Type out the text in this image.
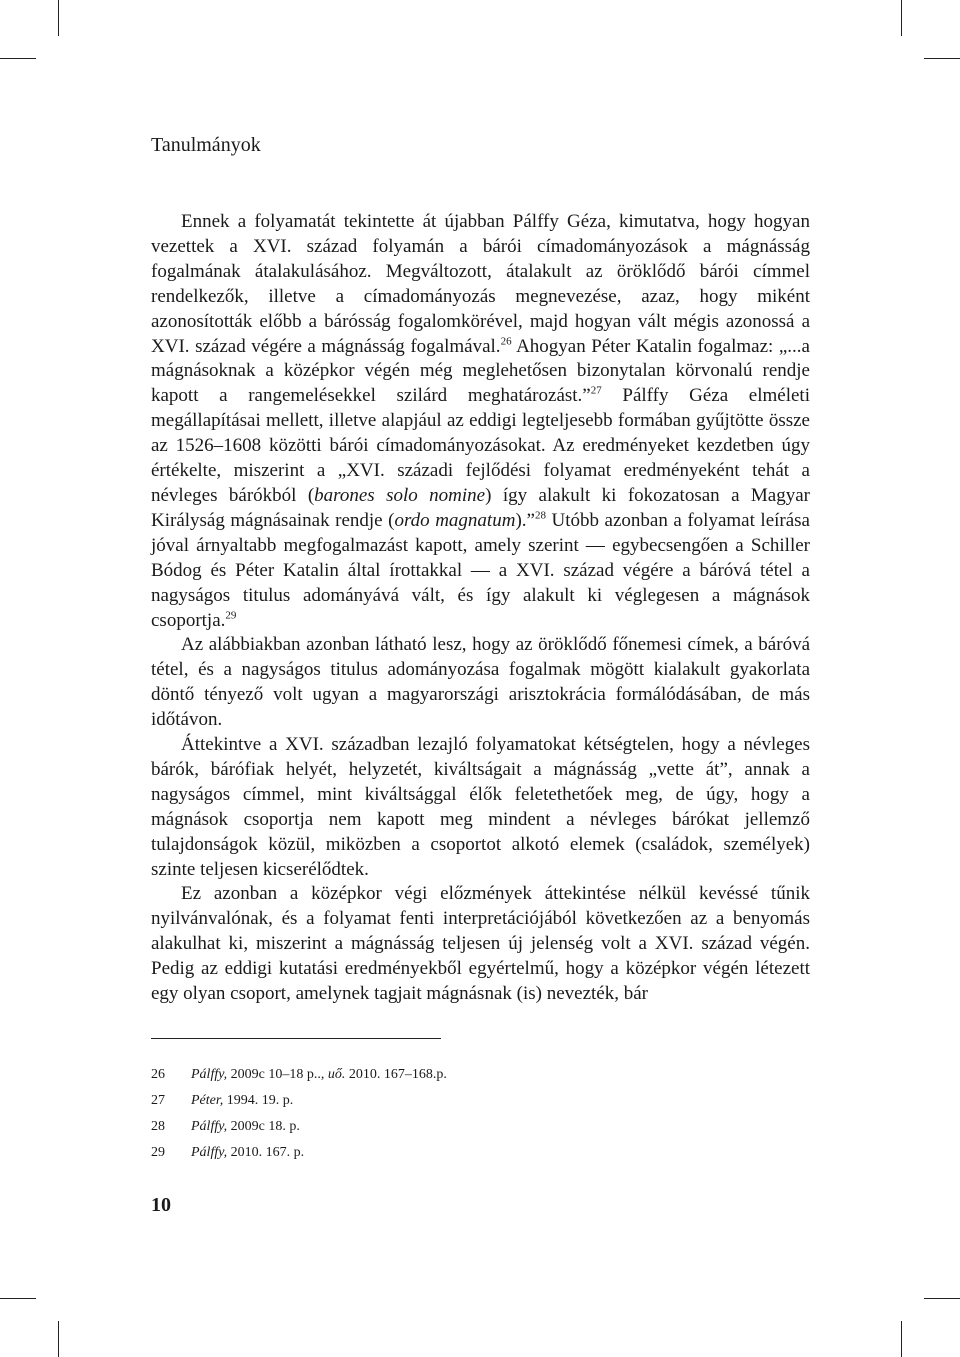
Tanulmányok

Ennek a folyamatát tekintette át újabban Pálffy Géza, kimutatva, hogy hogyan vezettek a XVI. század folyamán a bárói címadományozások a mágnásság fogalmának átalakulásához. Megváltozott, átalakult az öröklődő bárói címmel rendelkezők, illetve a címadományozás megnevezése, azaz, hogy miként azonosították előbb a bárósság fogalomkörével, majd hogyan vált mégis azonossá a XVI. század végére a mágnásság fogalmával.$^{26}$ Ahogyan Péter Katalin fogalmaz: „...a mágnásoknak a középkor végén még meglehetősen bizonytalan körvonalú rendje kapott a rangemelésekkel szilárd meghatározást.”$^{27}$ Pálffy Géza elméleti megállapításai mellett, illetve alapjául az eddigi legteljesebb formában gyűjtötte össze az 1526–1608 közötti bárói címadományozásokat. Az eredményeket kezdetben úgy értékelte, miszerint a „XVI. századi fejlődési folyamat eredményeként tehát a névleges bárókból (barones solo nomine) így alakult ki fokozatosan a Magyar Királyság mágnásainak rendje (ordo magnatum).”$^{28}$ Utóbb azonban a folyamat leírása jóval árnyaltabb megfogalmazást kapott, amely szerint — egybecsengően a Schiller Bódog és Péter Katalin által írottakkal — a XVI. század végére a báróvá tétel a nagyságos titulus adományává vált, és így alakult ki véglegesen a mágnások csoportja.$^{29}$

Az alábbiakban azonban látható lesz, hogy az öröklődő főnemesi címek, a báróvá tétel, és a nagyságos titulus adományozása fogalmak mögött kialakult gyakorlata döntő tényező volt ugyan a magyarországi arisztokrácia formálódásában, de más időtávon.

Áttekintve a XVI. században lezajló folyamatokat kétségtelen, hogy a névleges bárók, bárófiak helyét, helyzetét, kiváltságait a mágnásság „vette át”, annak a nagyságos címmel, mint kiváltsággal élők feletethetőek meg, de úgy, hogy a mágnások csoportja nem kapott meg mindent a névleges bárókat jellemző tulajdonságok közül, miközben a csoportot alkotó elemek (családok, személyek) szinte teljesen kicserélődtek.

Ez azonban a középkor végi előzmények áttekintése nélkül kevéssé tűnik nyilvánvalónak, és a folyamat fenti interpretációjából következően az a benyomás alakulhat ki, miszerint a mágnásság teljesen új jelenség volt a XVI. század végén. Pedig az eddigi kutatási eredményekből egyértelmű, hogy a középkor végén létezett egy olyan csoport, amelynek tagjait mágnásnak (is) nevezték, bár

26 Pálffy, 2009c 10–18 p.., uő. 2010. 167–168.p.
27 Péter, 1994. 19. p.
28 Pálffy, 2009c 18. p.
29 Pálffy, 2010. 167. p.
10
